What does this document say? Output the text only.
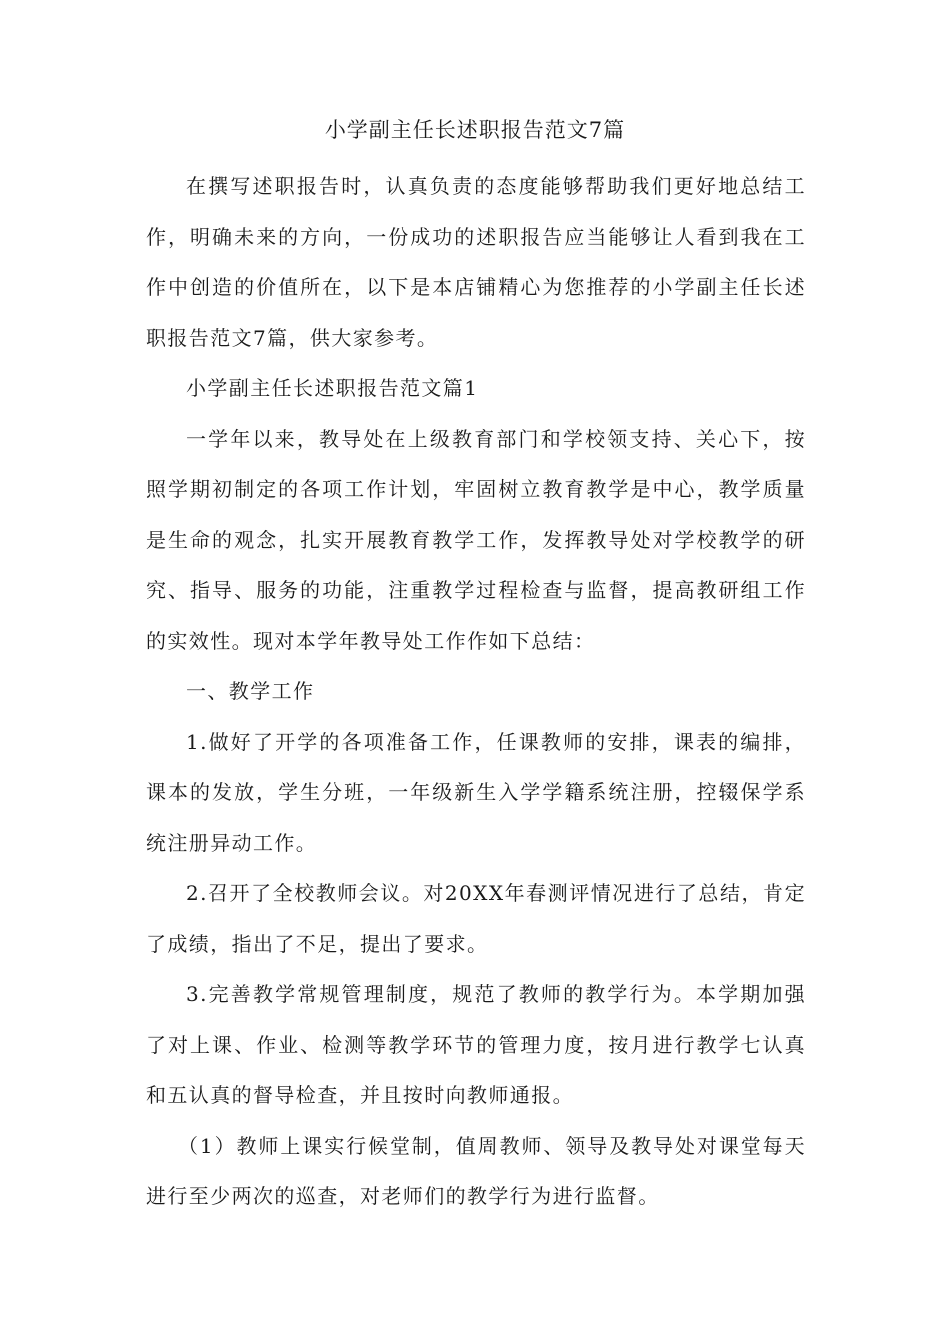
小学副主任长述职报告范文7篇

在撰写述职报告时，认真负责的态度能够帮助我们更好地总结工作，明确未来的方向，一份成功的述职报告应当能够让人看到我在工作中创造的价值所在，以下是本店铺精心为您推荐的小学副主任长述职报告范文7篇，供大家参考。

小学副主任长述职报告范文篇1

一学年以来，教导处在上级教育部门和学校领支持、关心下，按照学期初制定的各项工作计划，牢固树立教育教学是中心，教学质量是生命的观念，扎实开展教育教学工作，发挥教导处对学校教学的研究、指导、服务的功能，注重教学过程检查与监督，提高教研组工作的实效性。现对本学年教导处工作作如下总结：

一、教学工作

1.做好了开学的各项准备工作，任课教师的安排，课表的编排，课本的发放，学生分班，一年级新生入学学籍系统注册，控辍保学系统注册异动工作。

2.召开了全校教师会议。对20XX年春测评情况进行了总结，肯定了成绩，指出了不足，提出了要求。

3.完善教学常规管理制度，规范了教师的教学行为。本学期加强了对上课、作业、检测等教学环节的管理力度，按月进行教学七认真和五认真的督导检查，并且按时向教师通报。

（1）教师上课实行候堂制，值周教师、领导及教导处对课堂每天进行至少两次的巡查，对老师们的教学行为进行监督。
